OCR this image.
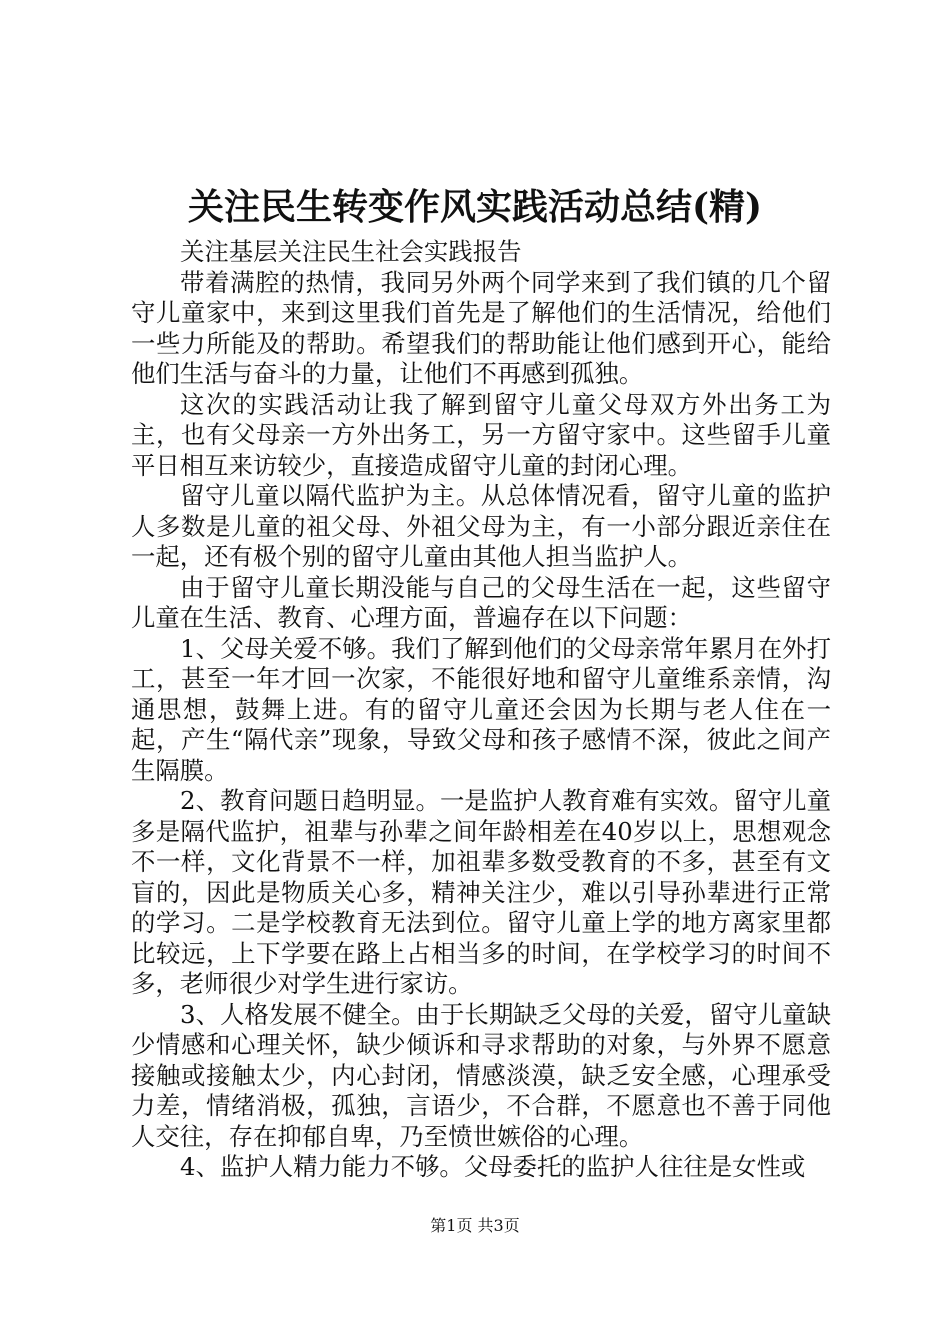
关注民生转变作风实践活动总结(精)

关注基层关注民生社会实践报告

带着满腔的热情，我同另外两个同学来到了我们镇的几个留守儿童家中，来到这里我们首先是了解他们的生活情况，给他们一些力所能及的帮助。希望我们的帮助能让他们感到开心，能给他们生活与奋斗的力量，让他们不再感到孤独。

这次的实践活动让我了解到留守儿童父母双方外出务工为主，也有父母亲一方外出务工，另一方留守家中。这些留手儿童平日相互来访较少，直接造成留守儿童的封闭心理。

留守儿童以隔代监护为主。从总体情况看，留守儿童的监护人多数是儿童的祖父母、外祖父母为主，有一小部分跟近亲住在一起，还有极个别的留守儿童由其他人担当监护人。

由于留守儿童长期没能与自己的父母生活在一起，这些留守儿童在生活、教育、心理方面，普遍存在以下问题：

1、父母关爱不够。我们了解到他们的父母亲常年累月在外打工，甚至一年才回一次家，不能很好地和留守儿童维系亲情，沟通思想，鼓舞上进。有的留守儿童还会因为长期与老人住在一起，产生“隔代亲”现象，导致父母和孩子感情不深，彼此之间产生隔膜。

2、教育问题日趋明显。一是监护人教育难有实效。留守儿童多是隔代监护，祖辈与孙辈之间年龄相差在40岁以上，思想观念不一样，文化背景不一样，加祖辈多数受教育的不多，甚至有文盲的，因此是物质关心多，精神关注少，难以引导孙辈进行正常的学习。二是学校教育无法到位。留守儿童上学的地方离家里都比较远，上下学要在路上占相当多的时间，在学校学习的时间不多，老师很少对学生进行家访。

3、人格发展不健全。由于长期缺乏父母的关爱，留守儿童缺少情感和心理关怀，缺少倾诉和寻求帮助的对象，与外界不愿意接触或接触太少，内心封闭，情感淡漠，缺乏安全感，心理承受力差，情绪消极，孤独，言语少，不合群，不愿意也不善于同他人交往，存在抑郁自卑，乃至愤世嫉俗的心理。

4、监护人精力能力不够。父母委托的监护人往往是女性或

第1页 共3页
